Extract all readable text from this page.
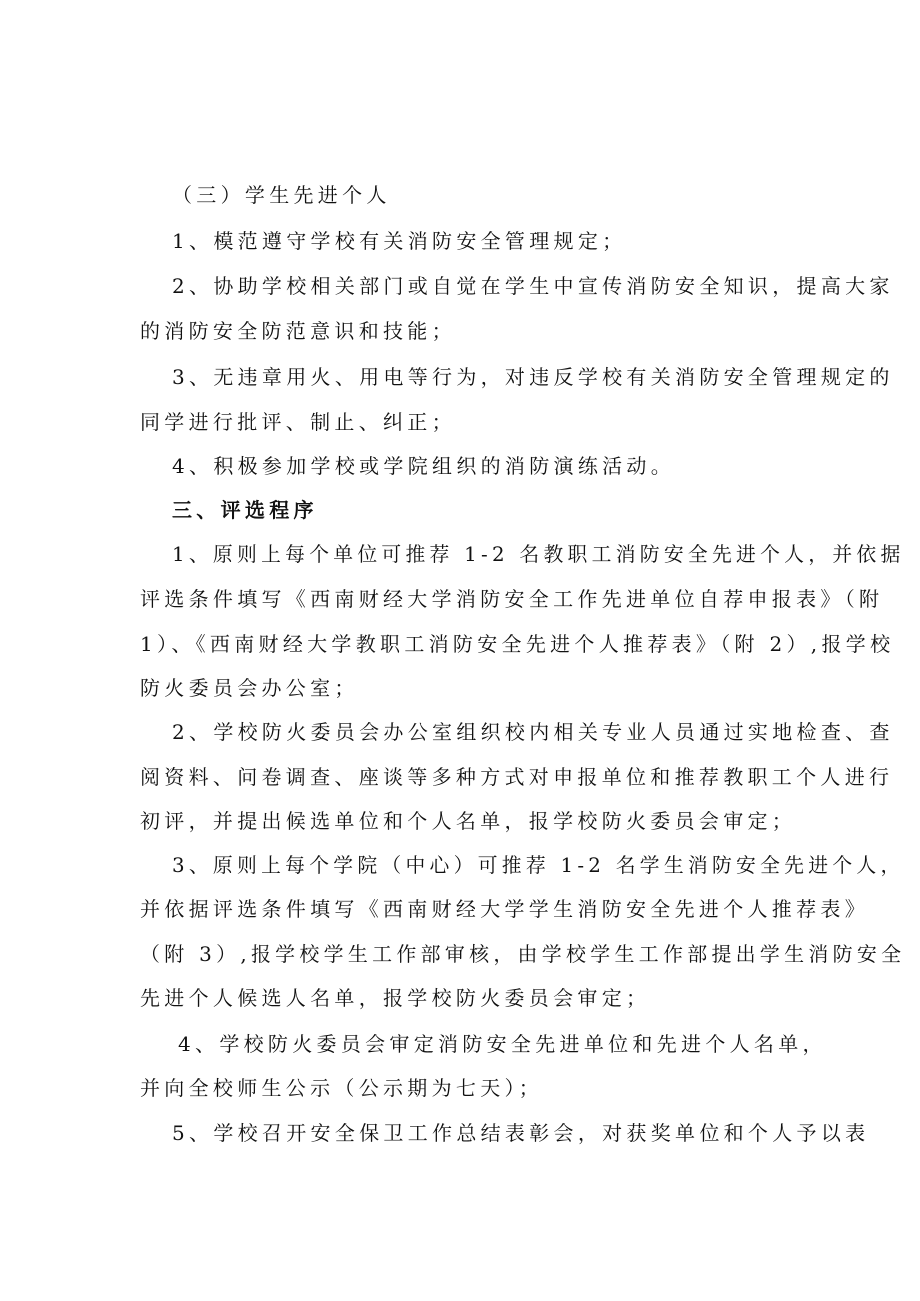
（三）学生先进个人
1、模范遵守学校有关消防安全管理规定；
2、协助学校相关部门或自觉在学生中宣传消防安全知识，提高大家
的消防安全防范意识和技能；
3、无违章用火、用电等行为，对违反学校有关消防安全管理规定的
同学进行批评、制止、纠正；
4、积极参加学校或学院组织的消防演练活动。
三、评选程序
1、原则上每个单位可推荐 1-2 名教职工消防安全先进个人，并依据
评选条件填写《西南财经大学消防安全工作先进单位自荐申报表》（附
1）、《西南财经大学教职工消防安全先进个人推荐表》（附 2）,报学校
防火委员会办公室；
2、学校防火委员会办公室组织校内相关专业人员通过实地检查、查
阅资料、问卷调查、座谈等多种方式对申报单位和推荐教职工个人进行
初评，并提出候选单位和个人名单，报学校防火委员会审定；
3、原则上每个学院（中心）可推荐 1-2 名学生消防安全先进个人，
并依据评选条件填写《西南财经大学学生消防安全先进个人推荐表》
（附 3）,报学校学生工作部审核，由学校学生工作部提出学生消防安全
先进个人候选人名单，报学校防火委员会审定；
4、学校防火委员会审定消防安全先进单位和先进个人名单，
并向全校师生公示（公示期为七天）；
5、学校召开安全保卫工作总结表彰会，对获奖单位和个人予以表
